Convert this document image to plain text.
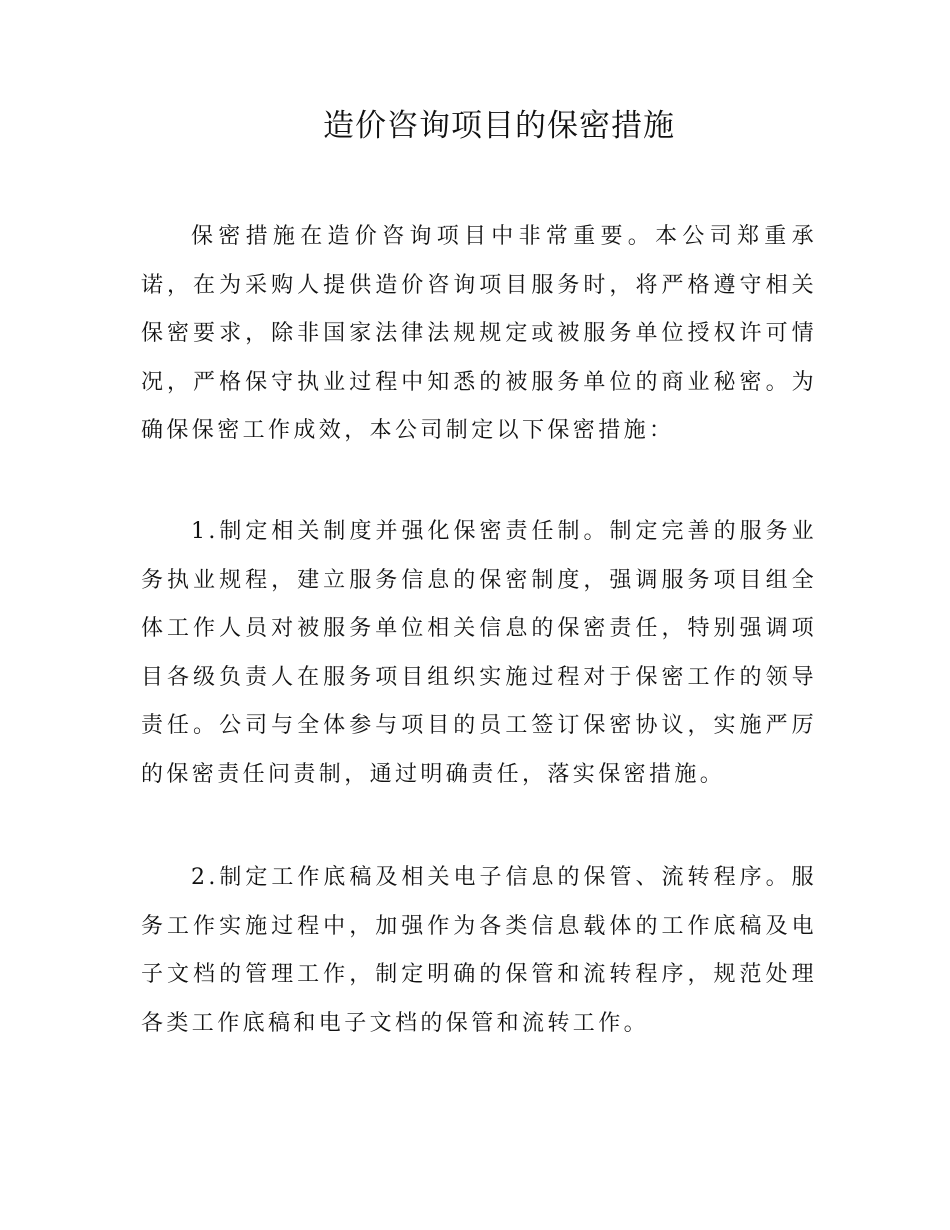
造价咨询项目的保密措施

保密措施在造价咨询项目中非常重要。本公司郑重承诺，在为采购人提供造价咨询项目服务时，将严格遵守相关保密要求，除非国家法律法规规定或被服务单位授权许可情况，严格保守执业过程中知悉的被服务单位的商业秘密。为确保保密工作成效，本公司制定以下保密措施：

1.制定相关制度并强化保密责任制。制定完善的服务业务执业规程，建立服务信息的保密制度，强调服务项目组全体工作人员对被服务单位相关信息的保密责任，特别强调项目各级负责人在服务项目组织实施过程对于保密工作的领导责任。公司与全体参与项目的员工签订保密协议，实施严厉的保密责任问责制，通过明确责任，落实保密措施。

2.制定工作底稿及相关电子信息的保管、流转程序。服务工作实施过程中，加强作为各类信息载体的工作底稿及电子文档的管理工作，制定明确的保管和流转程序，规范处理各类工作底稿和电子文档的保管和流转工作。
